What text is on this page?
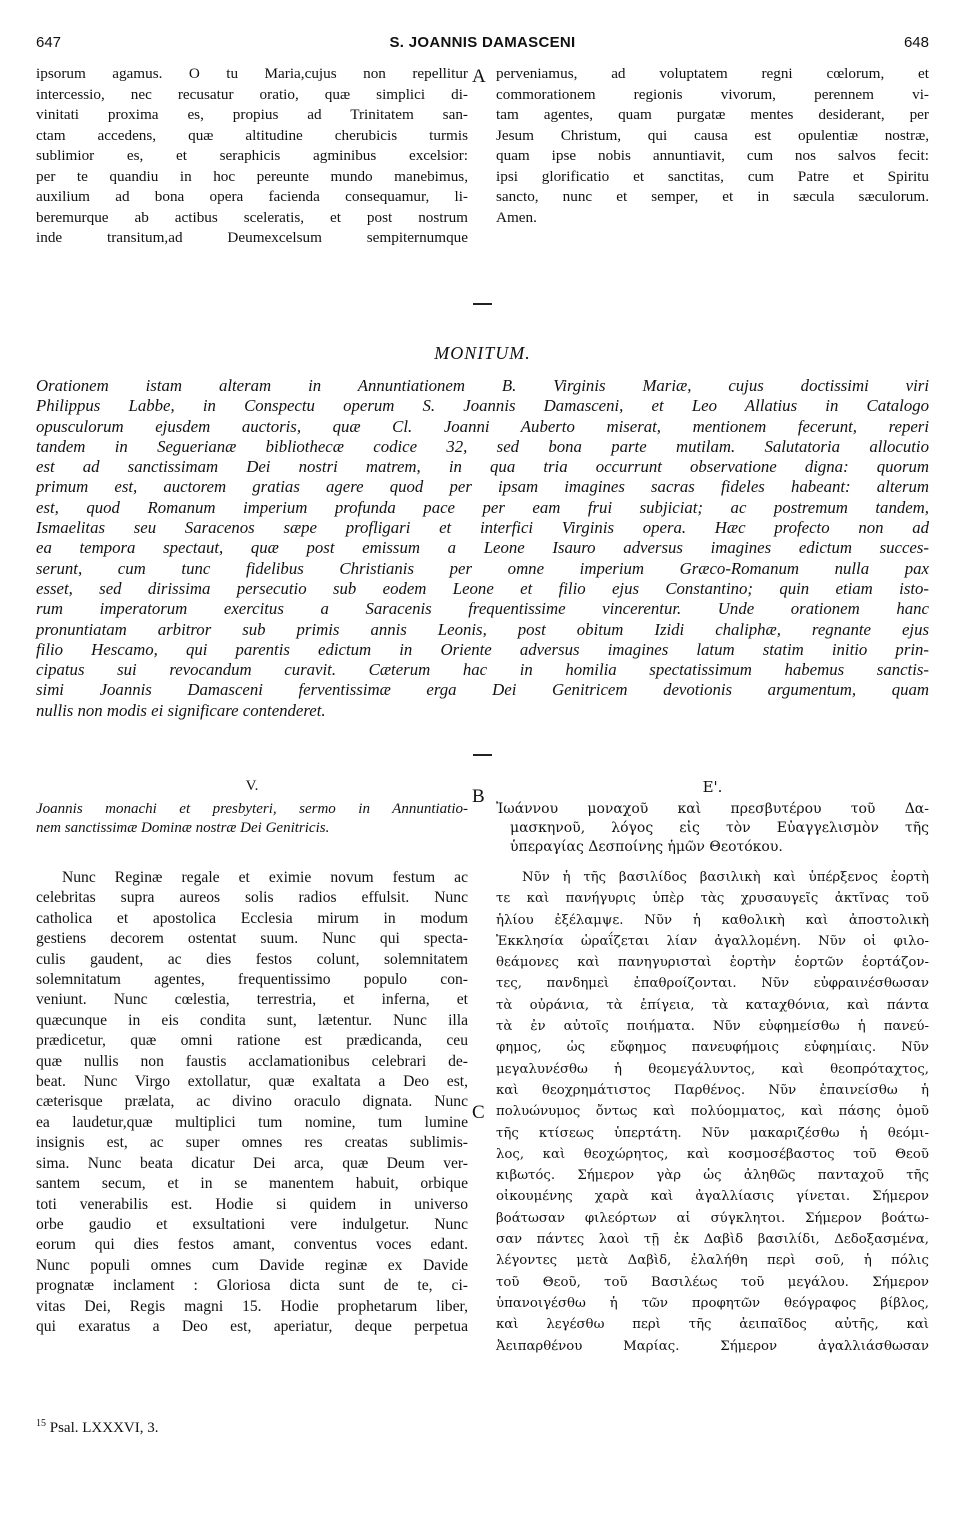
647	S. JOANNIS DAMASCENI	648
A
B
C
ipsorum agamus. O tu Maria,cujus non repellitur
intercessio, nec recusatur oratio, quæ simplici di-
vinitati proxima es, propius ad Trinitatem san-
ctam accedens, quæ altitudine cherubicis turmis
sublimior es, et seraphicis agminibus excelsior:
per te quandiu in hoc pereunte mundo manebimus,
auxilium ad bona opera facienda consequamur, li-
beremurque ab actibus sceleratis, et post nostrum
inde transitum,ad Deumexcelsum sempiternumque
perveniamus, ad voluptatem regni cœlorum, et
commorationem regionis vivorum, perennem vi-
tam agentes, quam purgatæ mentes desiderant, per
Jesum Christum, qui causa est opulentiæ nostræ,
quam ipse nobis annuntiavit, cum nos salvos fecit:
ipsi glorificatio et sanctitas, cum Patre et Spiritu
sancto, nunc et semper, et in sæcula sæculorum.
Amen.
MONITUM.
Orationem istam alteram in Annuntiationem B. Virginis Mariæ, cujus doctissimi viri
Philippus Labbe, in Conspectu operum S. Joannis Damasceni, et Leo Allatius in Catalogo
opusculorum ejusdem auctoris, quæ Cl. Joanni Auberto miserat, mentionem fecerunt, reperi
tandem in Seguerianæ bibliothecæ codice 32, sed bona parte mutilam. Salutatoria allocutio
est ad sanctissimam Dei nostri matrem, in qua tria occurrunt observatione digna: quorum
primum est, auctorem gratias agere quod per ipsam imagines sacras fideles habeant: alterum
est, quod Romanum imperium profunda pace per eam frui subjiciat; ac postremum tandem,
Ismaelitas seu Saracenos sæpe profligari et interfici Virginis opera. Hæc profecto non ad
ea tempora spectaut, quæ post emissum a Leone Isauro adversus imagines edictum succes-
serunt, cum tunc fidelibus Christianis per omne imperium Græco-Romanum nulla pax
esset, sed dirissima persecutio sub eodem Leone et filio ejus Constantino; quin etiam isto-
rum imperatorum exercitus a Saracenis frequentissime vincerentur. Unde orationem hanc
pronuntiatam arbitror sub primis annis Leonis, post obitum Izidi chaliphæ, regnante ejus
filio Hescamo, qui parentis edictum in Oriente adversus imagines latum statim initio prin-
cipatus sui revocandum curavit. Cæterum hac in homilia spectatissimum habemus sanctis-
simi Joannis Damasceni ferventissimæ erga Dei Genitricem devotionis argumentum, quam
nullis non modis ei significare contenderet.
V.
Joannis monachi et presbyteri, sermo in Annuntiatio-
nem sanctissimæ Dominæ nostræ Dei Genitricis.
Nunc Reginæ regale et eximie novum festum ac
celebritas supra aureos solis radios effulsit. Nunc
catholica et apostolica Ecclesia mirum in modum
gestiens decorem ostentat suum. Nunc qui specta-
culis gaudent, ac dies festos colunt, solemnitatem
solemnitatum agentes, frequentissimo populo con-
veniunt. Nunc cœlestia, terrestria, et inferna, et
quæcunque in eis condita sunt, lætentur. Nunc illa
prædicetur, quæ omni ratione est prædicanda, ceu
quæ nullis non faustis acclamationibus celebrari de-
beat. Nunc Virgo extollatur, quæ exaltata a Deo est,
cæterisque prælata, ac divino oraculo dignata. Nunc
ea laudetur,quæ multiplici tum nomine, tum lumine
insignis est, ac super omnes res creatas sublimis-
sima. Nunc beata dicatur Dei arca, quæ Deum ver-
santem secum, et in se manentem habuit, orbique
toti venerabilis est. Hodie si quidem in universo
orbe gaudio et exsultationi vere indulgetur. Nunc
eorum qui dies festos amant, conventus voces edant.
Nunc populi omnes cum Davide reginæ ex Davide
prognatæ inclament : Gloriosa dicta sunt de te, ci-
vitas Dei, Regis magni 15. Hodie prophetarum liber,
qui exaratus a Deo est, aperiatur, deque perpetua
Ε'.
Ἰωάννου μοναχοῦ καὶ πρεσβυτέρου τοῦ Δα-
μασκηνοῦ, λόγος εἰς τὸν Εὐαγγελισμὸν τῆς
ὑπεραγίας Δεσποίνης ἡμῶν Θεοτόκου.
Νῦν ἡ τῆς βασιλίδος βασιλικὴ καὶ ὑπέρξενος ἑορτὴ
τε καὶ πανήγυρις ὑπὲρ τὰς χρυσαυγεῖς ἀκτῖνας τοῦ
ἡλίου ἐξέλαμψε. Νῦν ἡ καθολικὴ καὶ ἀποστολικὴ
Ἐκκλησία ὡραΐζεται λίαν ἀγαλλομένη. Νῦν οἱ φιλο-
θεάμονες καὶ πανηγυρισταὶ ἑορτὴν ἑορτῶν ἑορτάζον-
τες, πανδημεὶ ἐπαθροίζονται. Νῦν εὐφραινέσθωσαν
τὰ οὐράνια, τὰ ἐπίγεια, τὰ καταχθόνια, καὶ πάντα
τὰ ἐν αὐτοῖς ποιήματα. Νῦν εὐφημείσθω ἡ πανεύ-
φημος, ὡς εὔφημος πανευφήμοις εὐφημίαις. Νῦν
μεγαλυνέσθω ἡ θεομεγάλυντος, καὶ θεοπρόταχτος,
καὶ θεοχρημάτιστος Παρθένος. Νῦν ἐπαινείσθω ἡ
πολυώνυμος ὄντως καὶ πολύομματος, καὶ πάσης ὁμοῦ
τῆς κτίσεως ὑπερτάτη. Νῦν μακαριζέσθω ἡ θεόμι-
λος, καὶ θεοχώρητος, καὶ κοσμοσέβαστος τοῦ Θεοῦ
κιβωτός. Σήμερον γὰρ ὡς ἀληθῶς πανταχοῦ τῆς
οἰκουμένης χαρὰ καὶ ἀγαλλίασις γίνεται. Σήμερον
βοάτωσαν φιλεόρτων αἱ σύγκλητοι. Σήμερον βοάτω-
σαν πάντες λαοὶ τῇ ἐκ Δαβὶδ βασιλίδι, Δεδοξασμένα,
λέγοντες μετὰ Δαβὶδ, ἐλαλήθη περὶ σοῦ, ἡ πόλις
τοῦ Θεοῦ, τοῦ Βασιλέως τοῦ μεγάλου. Σήμερον
ὑπανοιγέσθω ἡ τῶν προφητῶν θεόγραφος βίβλος,
καὶ λεγέσθω περὶ τῆς ἀειπαῖδος αὐτῆς, καὶ
Ἀειπαρθένου Μαρίας. Σήμερον ἀγαλλιάσθωσαν
$^{15}$ Psal. LXXXVI, 3.
